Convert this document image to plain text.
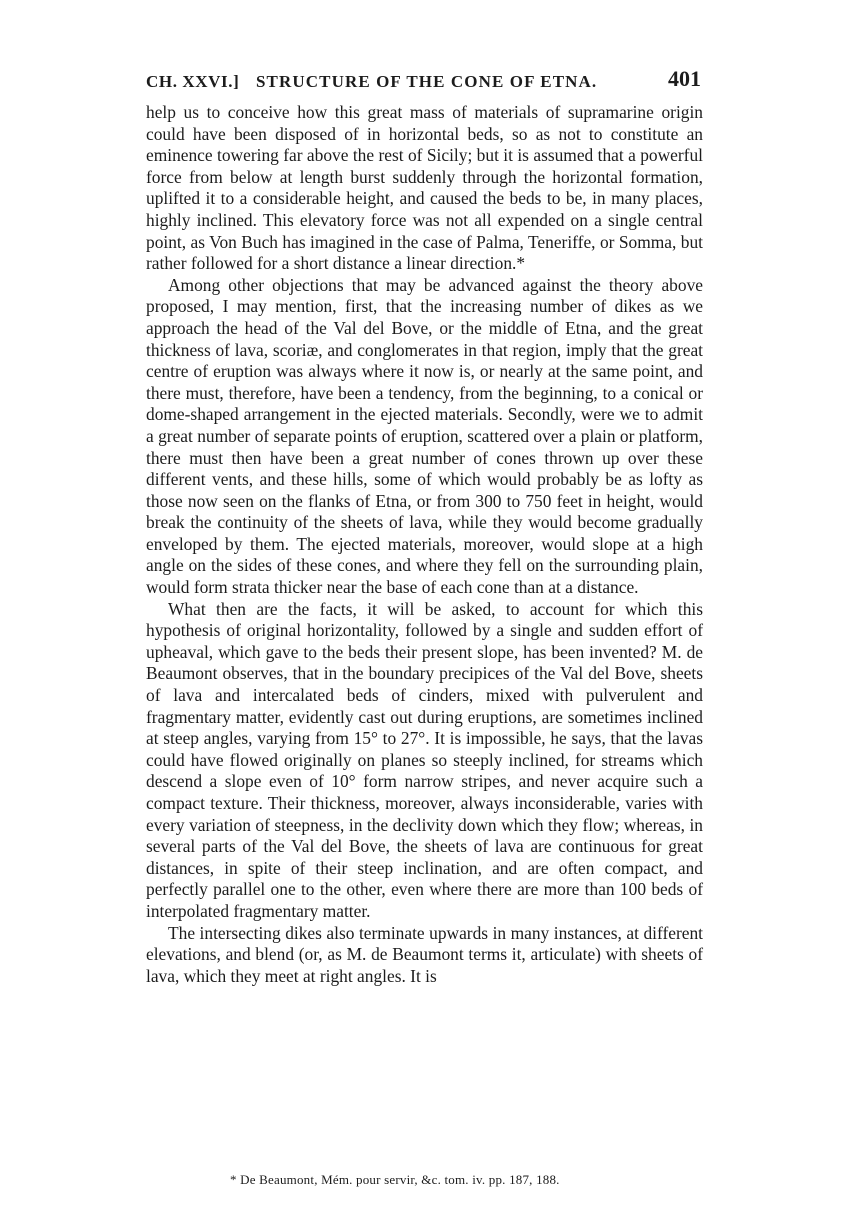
CH. XXVI.] STRUCTURE OF THE CONE OF ETNA.	401

help us to conceive how this great mass of materials of supramarine origin could have been disposed of in horizontal beds, so as not to constitute an eminence towering far above the rest of Sicily; but it is assumed that a powerful force from below at length burst suddenly through the horizontal formation, uplifted it to a considerable height, and caused the beds to be, in many places, highly inclined. This elevatory force was not all expended on a single central point, as Von Buch has imagined in the case of Palma, Teneriffe, or Somma, but rather followed for a short distance a linear direction.*

Among other objections that may be advanced against the theory above proposed, I may mention, first, that the increasing number of dikes as we approach the head of the Val del Bove, or the middle of Etna, and the great thickness of lava, scoriæ, and conglomerates in that region, imply that the great centre of eruption was always where it now is, or nearly at the same point, and there must, therefore, have been a tendency, from the beginning, to a conical or dome-shaped arrangement in the ejected materials. Secondly, were we to admit a great number of separate points of eruption, scattered over a plain or platform, there must then have been a great number of cones thrown up over these different vents, and these hills, some of which would probably be as lofty as those now seen on the flanks of Etna, or from 300 to 750 feet in height, would break the continuity of the sheets of lava, while they would become gradually enveloped by them. The ejected materials, moreover, would slope at a high angle on the sides of these cones, and where they fell on the surrounding plain, would form strata thicker near the base of each cone than at a distance.

What then are the facts, it will be asked, to account for which this hypothesis of original horizontality, followed by a single and sudden effort of upheaval, which gave to the beds their present slope, has been invented? M. de Beaumont observes, that in the boundary precipices of the Val del Bove, sheets of lava and intercalated beds of cinders, mixed with pulverulent and fragmentary matter, evidently cast out during eruptions, are sometimes inclined at steep angles, varying from 15° to 27°. It is impossible, he says, that the lavas could have flowed originally on planes so steeply inclined, for streams which descend a slope even of 10° form narrow stripes, and never acquire such a compact texture. Their thickness, moreover, always inconsiderable, varies with every variation of steepness, in the declivity down which they flow; whereas, in several parts of the Val del Bove, the sheets of lava are continuous for great distances, in spite of their steep inclination, and are often compact, and perfectly parallel one to the other, even where there are more than 100 beds of interpolated fragmentary matter.

The intersecting dikes also terminate upwards in many instances, at different elevations, and blend (or, as M. de Beaumont terms it, articulate) with sheets of lava, which they meet at right angles. It is

* De Beaumont, Mém. pour servir, &c. tom. iv. pp. 187, 188.
